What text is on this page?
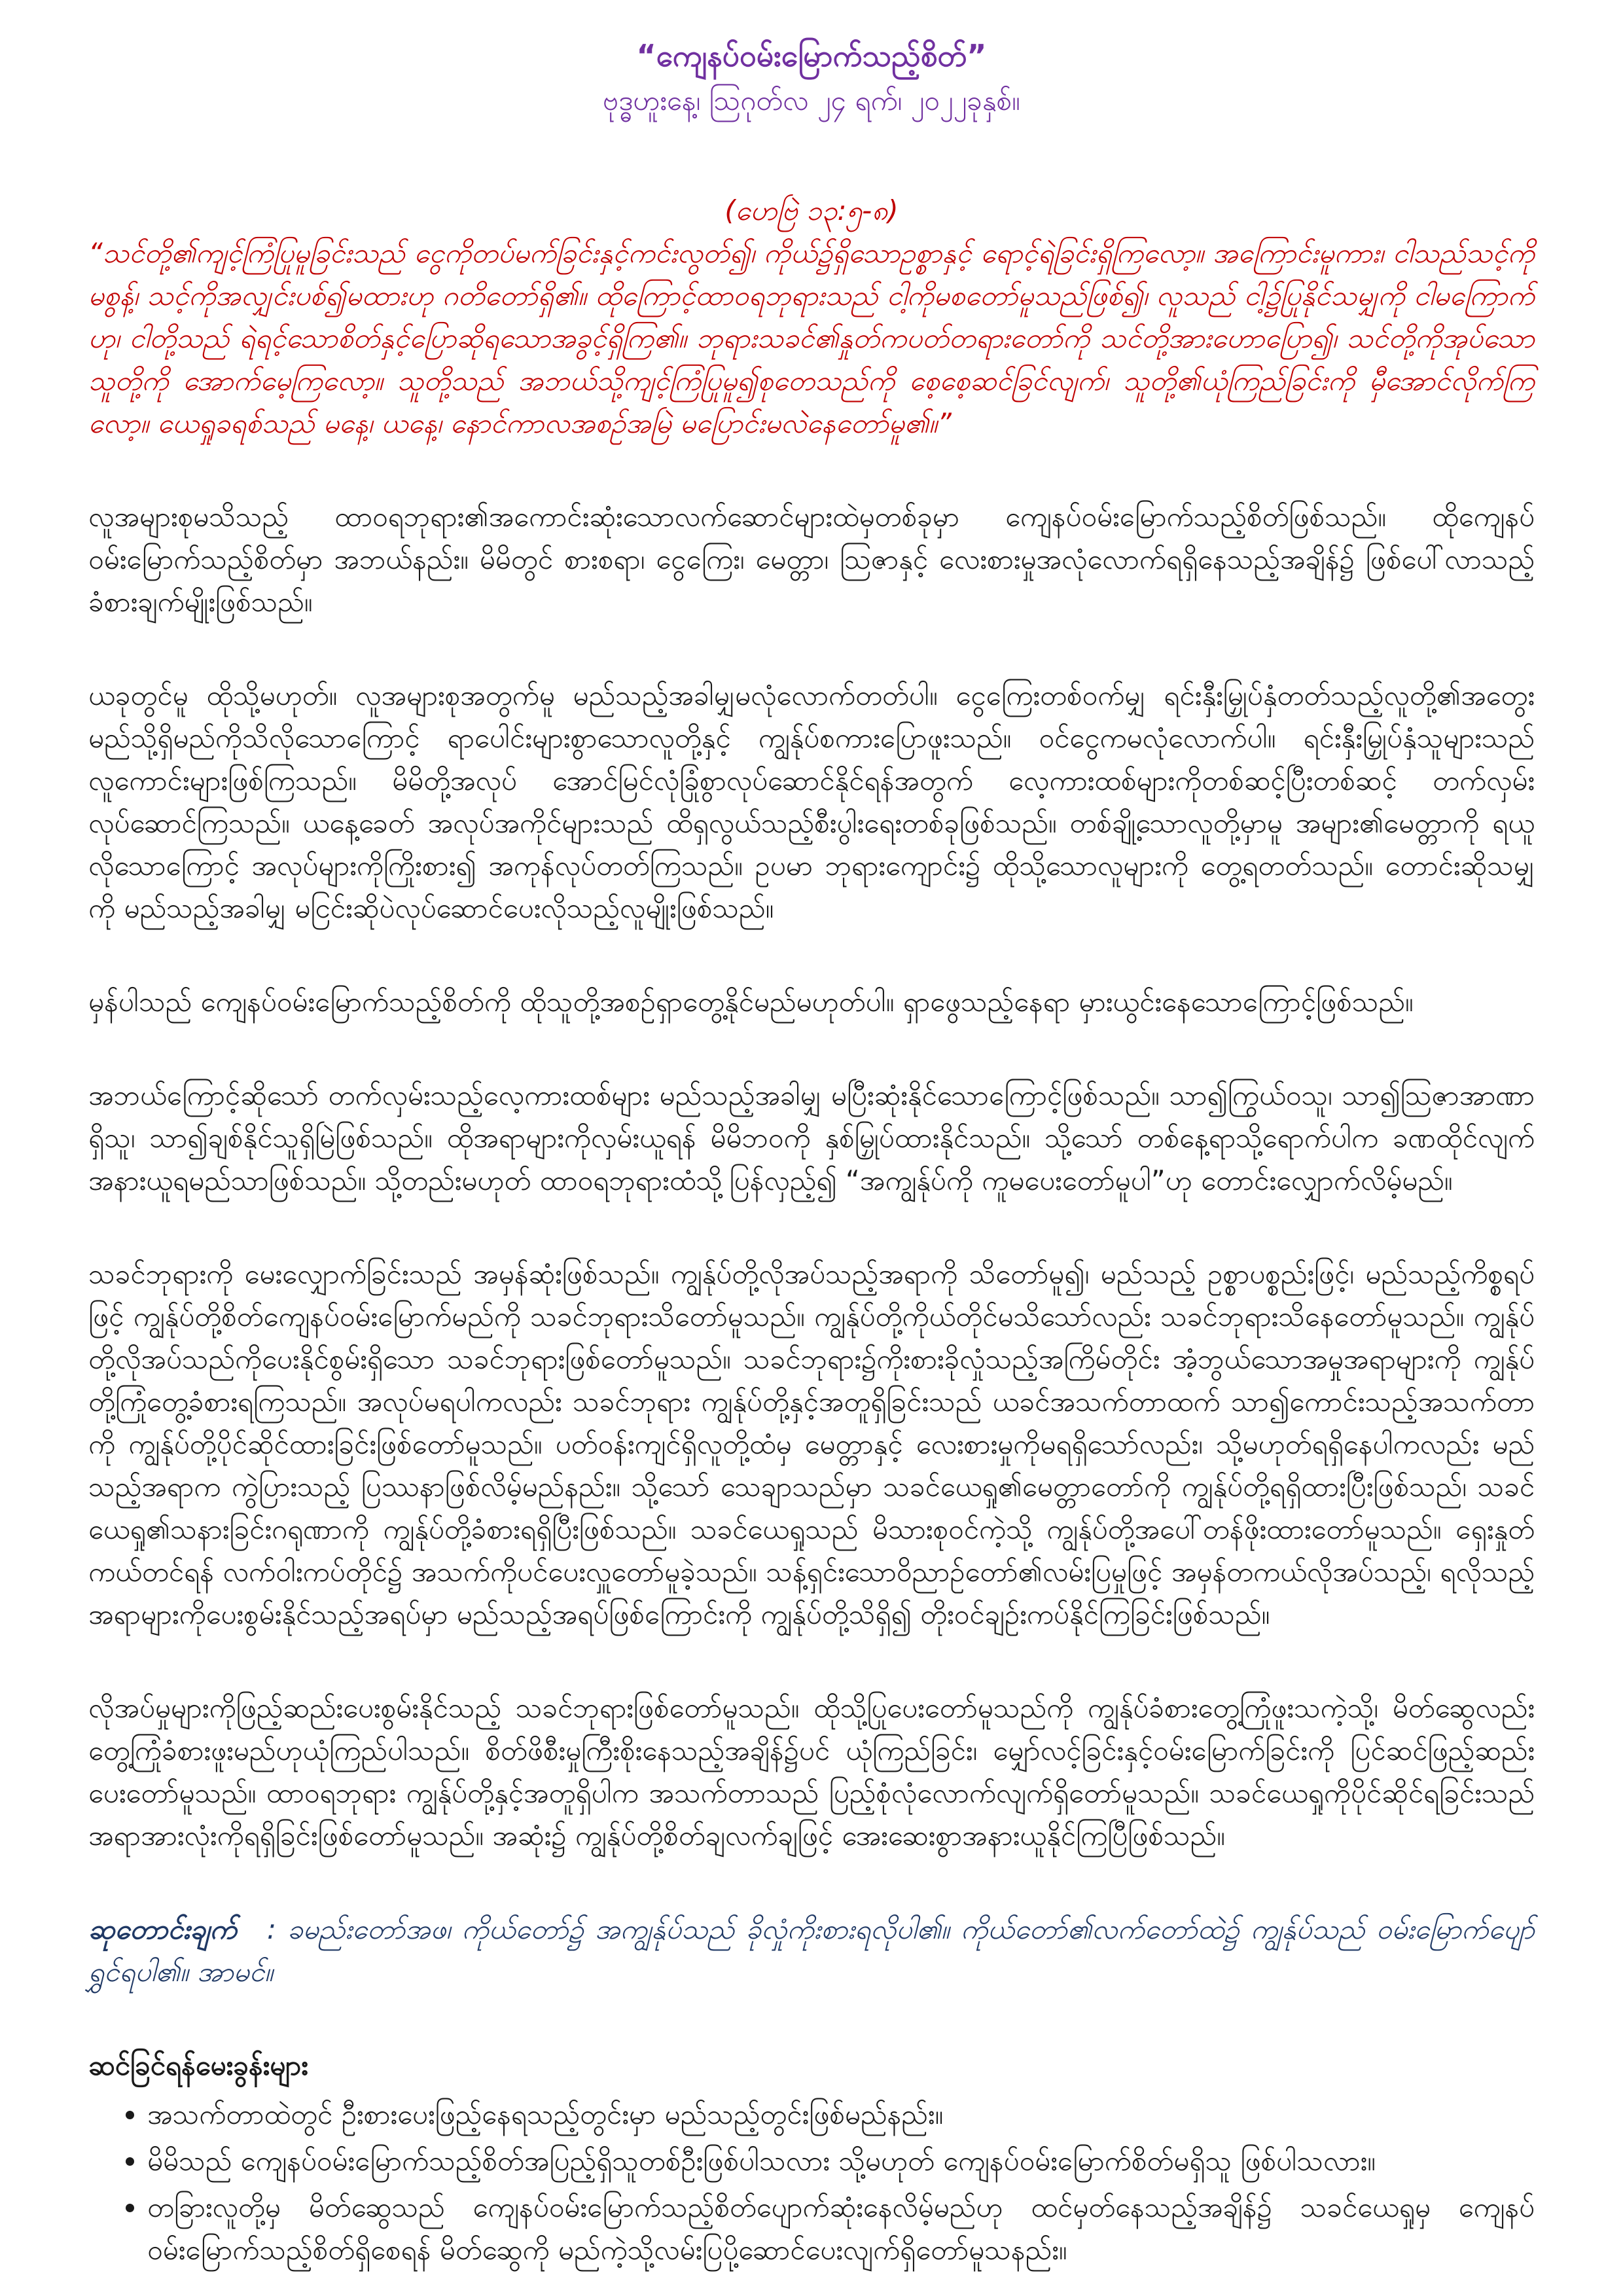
“ကျေနပ်ဝမ်းမြောက်သည့်စိတ်”

ဗုဒ္ဓဟူးနေ့၊ ဩဂုတ်လ ၂၄ ရက်၊ ၂၀၂၂ခုနှစ်။

(ဟေဗြဲ ၁၃:၅-၈)

“သင်တို့၏ကျင့်ကြံပြုမူခြင်းသည် ငွေကိုတပ်မက်ခြင်းနှင့်ကင်းလွတ်၍၊ ကိုယ်၌ရှိသောဥစ္စာနှင့် ရောင့်ရဲခြင်းရှိကြလော့။ အကြောင်းမူကား၊ ငါသည်သင့်ကိုမစွန့်၊ သင့်ကိုအလျှင်းပစ်၍မထားဟု ဂတိတော်ရှိ၏။ ထိုကြောင့်ထာဝရဘုရားသည် ငါ့ကိုမစတော်မူသည်ဖြစ်၍၊ လူသည် ငါ့၌ပြုနိုင်သမျှကို ငါမကြောက်ဟု၊ ငါတို့သည် ရဲရင့်သောစိတ်နှင့်ပြောဆိုရသောအခွင့်ရှိကြ၏။ ဘုရားသခင်၏နှုတ်ကပတ်တရားတော်ကို သင်တို့အားဟောပြော၍၊ သင်တို့ကိုအုပ်သောသူတို့ကို အောက်မေ့ကြလော့။ သူတို့သည် အဘယ်သို့ကျင့်ကြံပြုမူ၍စုတေသည်ကို စေ့စေ့ဆင်ခြင်လျက်၊ သူတို့၏ယုံကြည်ခြင်းကို မှီအောင်လိုက်ကြလော့။ ယေရှုခရစ်သည် မနေ့၊ ယနေ့၊ နောင်ကာလအစဉ်အမြဲ မပြောင်းမလဲနေတော်မူ၏။”

လူအများစုမသိသည့် ထာဝရဘုရား၏အကောင်းဆုံးသောလက်ဆောင်များထဲမှတစ်ခုမှာ ကျေနပ်ဝမ်းမြောက်သည့်စိတ်ဖြစ်သည်။ ထိုကျေနပ်ဝမ်းမြောက်သည့်စိတ်မှာ အဘယ်နည်း။ မိမိတွင် စားစရာ၊ ငွေကြေး၊ မေတ္တာ၊ ဩဇာနှင့် လေးစားမှုအလုံလောက်ရရှိနေသည့်အချိန်၌ ဖြစ်ပေါ်လာသည့်ခံစားချက်မျိုးဖြစ်သည်။

ယခုတွင်မူ ထိုသို့မဟုတ်။ လူအများစုအတွက်မူ မည်သည့်အခါမျှမလုံလောက်တတ်ပါ။ ငွေကြေးတစ်ဝက်မျှ ရင်းနှီးမြှုပ်နှံတတ်သည့်လူတို့၏အတွေး မည်သို့ရှိမည်ကိုသိလိုသောကြောင့် ရာပေါင်းများစွာသောလူတို့နှင့် ကျွန်ုပ်စကားပြောဖူးသည်။ ဝင်ငွေကမလုံလောက်ပါ။ ရင်းနှီးမြှုပ်နှံသူများသည် လူကောင်းများဖြစ်ကြသည်။ မိမိတို့အလုပ် အောင်မြင်လုံခြုံစွာလုပ်ဆောင်နိုင်ရန်အတွက် လေ့ကားထစ်များကိုတစ်ဆင့်ပြီးတစ်ဆင့် တက်လှမ်းလုပ်ဆောင်ကြသည်။ ယနေ့ခေတ် အလုပ်အကိုင်များသည် ထိရှလွယ်သည့်စီးပွါးရေးတစ်ခုဖြစ်သည်။ တစ်ချို့သောလူတို့မှာမူ အများ၏မေတ္တာကို ရယူလိုသောကြောင့် အလုပ်များကိုကြိုးစား၍ အကုန်လုပ်တတ်ကြသည်။ ဥပမာ ဘုရားကျောင်း၌ ထိုသို့သောလူများကို တွေ့ရတတ်သည်။ တောင်းဆိုသမျှကို မည်သည့်အခါမျှ မငြင်းဆိုပဲလုပ်ဆောင်ပေးလိုသည့်လူမျိုးဖြစ်သည်။

မှန်ပါသည် ကျေနပ်ဝမ်းမြောက်သည့်စိတ်ကို ထိုသူတို့အစဉ်ရှာတွေ့နိုင်မည်မဟုတ်ပါ။ ရှာဖွေသည့်နေရာ မှားယွင်းနေသောကြောင့်ဖြစ်သည်။

အဘယ်ကြောင့်ဆိုသော် တက်လှမ်းသည့်လေ့ကားထစ်များ မည်သည့်အခါမျှ မပြီးဆုံးနိုင်သောကြောင့်ဖြစ်သည်။ သာ၍ကြွယ်ဝသူ၊ သာ၍ဩဇာအာဏာရှိသူ၊ သာ၍ချစ်နိုင်သူရှိမြဲဖြစ်သည်။ ထိုအရာများကိုလှမ်းယူရန် မိမိဘဝကို နှစ်မြှုပ်ထားနိုင်သည်။ သို့သော် တစ်နေ့ရာသို့ရောက်ပါက ခဏထိုင်လျက် အနားယူရမည်သာဖြစ်သည်။ သို့တည်းမဟုတ် ထာဝရဘုရားထံသို့ပြန်လှည့်၍ “အကျွန်ုပ်ကို ကူမပေးတော်မူပါ”ဟု တောင်းလျှောက်လိမ့်မည်။

သခင်ဘုရားကို မေးလျှောက်ခြင်းသည် အမှန်ဆုံးဖြစ်သည်။ ကျွန်ုပ်တို့လိုအပ်သည့်အရာကို သိတော်မူ၍၊ မည်သည့် ဥစ္စာပစ္စည်းဖြင့်၊ မည်သည့်ကိစ္စရပ်ဖြင့် ကျွန်ုပ်တို့စိတ်ကျေနပ်ဝမ်းမြောက်မည်ကို သခင်ဘုရားသိတော်မူသည်။ ကျွန်ုပ်တို့ကိုယ်တိုင်မသိသော်လည်း သခင်ဘုရားသိနေတော်မူသည်။ ကျွန်ုပ်တို့လိုအပ်သည်ကိုပေးနိုင်စွမ်းရှိသော သခင်ဘုရားဖြစ်တော်မူသည်။ သခင်ဘုရား၌ကိုးစားခိုလှုံသည့်အကြိမ်တိုင်း အံ့ဘွယ်သောအမှုအရာများကို ကျွန်ုပ်တို့ကြုံတွေ့ခံစားရကြသည်။ အလုပ်မရပါကလည်း သခင်ဘုရား ကျွန်ုပ်တို့နှင့်အတူရှိခြင်းသည် ယခင်အသက်တာထက် သာ၍ကောင်းသည့်အသက်တာကို ကျွန်ုပ်တို့ပိုင်ဆိုင်ထားခြင်းဖြစ်တော်မူသည်။ ပတ်ဝန်းကျင်ရှိလူတို့ထံမှ မေတ္တာနှင့် လေးစားမှုကိုမရရှိသော်လည်း၊ သို့မဟုတ်ရရှိနေပါကလည်း မည်သည့်အရာက ကွဲပြားသည့် ပြဿနာဖြစ်လိမ့်မည်နည်း။ သို့သော် သေချာသည်မှာ သခင်ယေရှု၏မေတ္တာတော်ကို ကျွန်ုပ်တို့ရရှိထားပြီးဖြစ်သည်၊ သခင်ယေရှု၏သနားခြင်းဂရုဏာကို ကျွန်ုပ်တို့ခံစားရရှိပြီးဖြစ်သည်။ သခင်ယေရှုသည် မိသားစုဝင်ကဲ့သို့ ကျွန်ုပ်တို့အပေါ်တန်ဖိုးထားတော်မူသည်။ ရှေးနှုတ်ကယ်တင်ရန် လက်ဝါးကပ်တိုင်၌ အသက်ကိုပင်ပေးလှူတော်မူခဲ့သည်။ သန့်ရှင်းသောဝိညာဉ်တော်၏လမ်းပြမှုဖြင့် အမှန်တကယ်လိုအပ်သည့်၊ ရလိုသည့်အရာများကိုပေးစွမ်းနိုင်သည့်အရပ်မှာ မည်သည့်အရပ်ဖြစ်ကြောင်းကို ကျွန်ုပ်တို့သိရှိ၍ တိုးဝင်ချဉ်းကပ်နိုင်ကြခြင်းဖြစ်သည်။

လိုအပ်မှုများကိုဖြည့်ဆည်းပေးစွမ်းနိုင်သည့် သခင်ဘုရားဖြစ်တော်မူသည်။ ထိုသို့ပြုပေးတော်မူသည်ကို ကျွန်ုပ်ခံစားတွေ့ကြုံဖူးသကဲ့သို့၊ မိတ်ဆွေလည်း တွေ့ကြုံခံစားဖူးမည်ဟုယုံကြည်ပါသည်။ စိတ်ဖိစီးမှုကြီးစိုးနေသည့်အချိန်၌ပင် ယုံကြည်ခြင်း၊ မျှော်လင့်ခြင်းနှင့်ဝမ်းမြောက်ခြင်းကို ပြင်ဆင်ဖြည့်ဆည်းပေးတော်မူသည်။ ထာဝရဘုရား ကျွန်ုပ်တို့နှင့်အတူရှိပါက အသက်တာသည် ပြည့်စုံလုံလောက်လျက်ရှိတော်မူသည်။ သခင်ယေရှုကိုပိုင်ဆိုင်ရခြင်းသည် အရာအားလုံးကိုရရှိခြင်းဖြစ်တော်မူသည်။ အဆုံး၌ ကျွန်ုပ်တို့စိတ်ချလက်ချဖြင့် အေးဆေးစွာအနားယူနိုင်ကြပြီဖြစ်သည်။

ဆုတောင်းချက် : ခမည်းတော်အဖ၊ ကိုယ်တော်၌ အကျွန်ုပ်သည် ခိုလှုံကိုးစားရလိုပါ၏။ ကိုယ်တော်၏လက်တော်ထဲ၌ ကျွန်ုပ်သည် ဝမ်းမြောက်ပျော်ရွှင်ရပါ၏။ အာမင်။

ဆင်ခြင်ရန်မေးခွန်းများ

• အသက်တာထဲတွင် ဦးစားပေးဖြည့်နေရသည့်တွင်းမှာ မည်သည့်တွင်းဖြစ်မည်နည်း။
• မိမိသည် ကျေနပ်ဝမ်းမြောက်သည့်စိတ်အပြည့်ရှိသူတစ်ဦးဖြစ်ပါသလား သို့မဟုတ် ကျေနပ်ဝမ်းမြောက်စိတ်မရှိသူ ဖြစ်ပါသလား။
• တခြားလူတို့မှ မိတ်ဆွေသည် ကျေနပ်ဝမ်းမြောက်သည့်စိတ်ပျောက်ဆုံးနေလိမ့်မည်ဟု ထင်မှတ်နေသည့်အချိန်၌ သခင်ယေရှုမှ ကျေနပ်ဝမ်းမြောက်သည့်စိတ်ရှိစေရန် မိတ်ဆွေကို မည်ကဲ့သို့လမ်းပြပို့ဆောင်ပေးလျက်ရှိတော်မူသနည်း။
